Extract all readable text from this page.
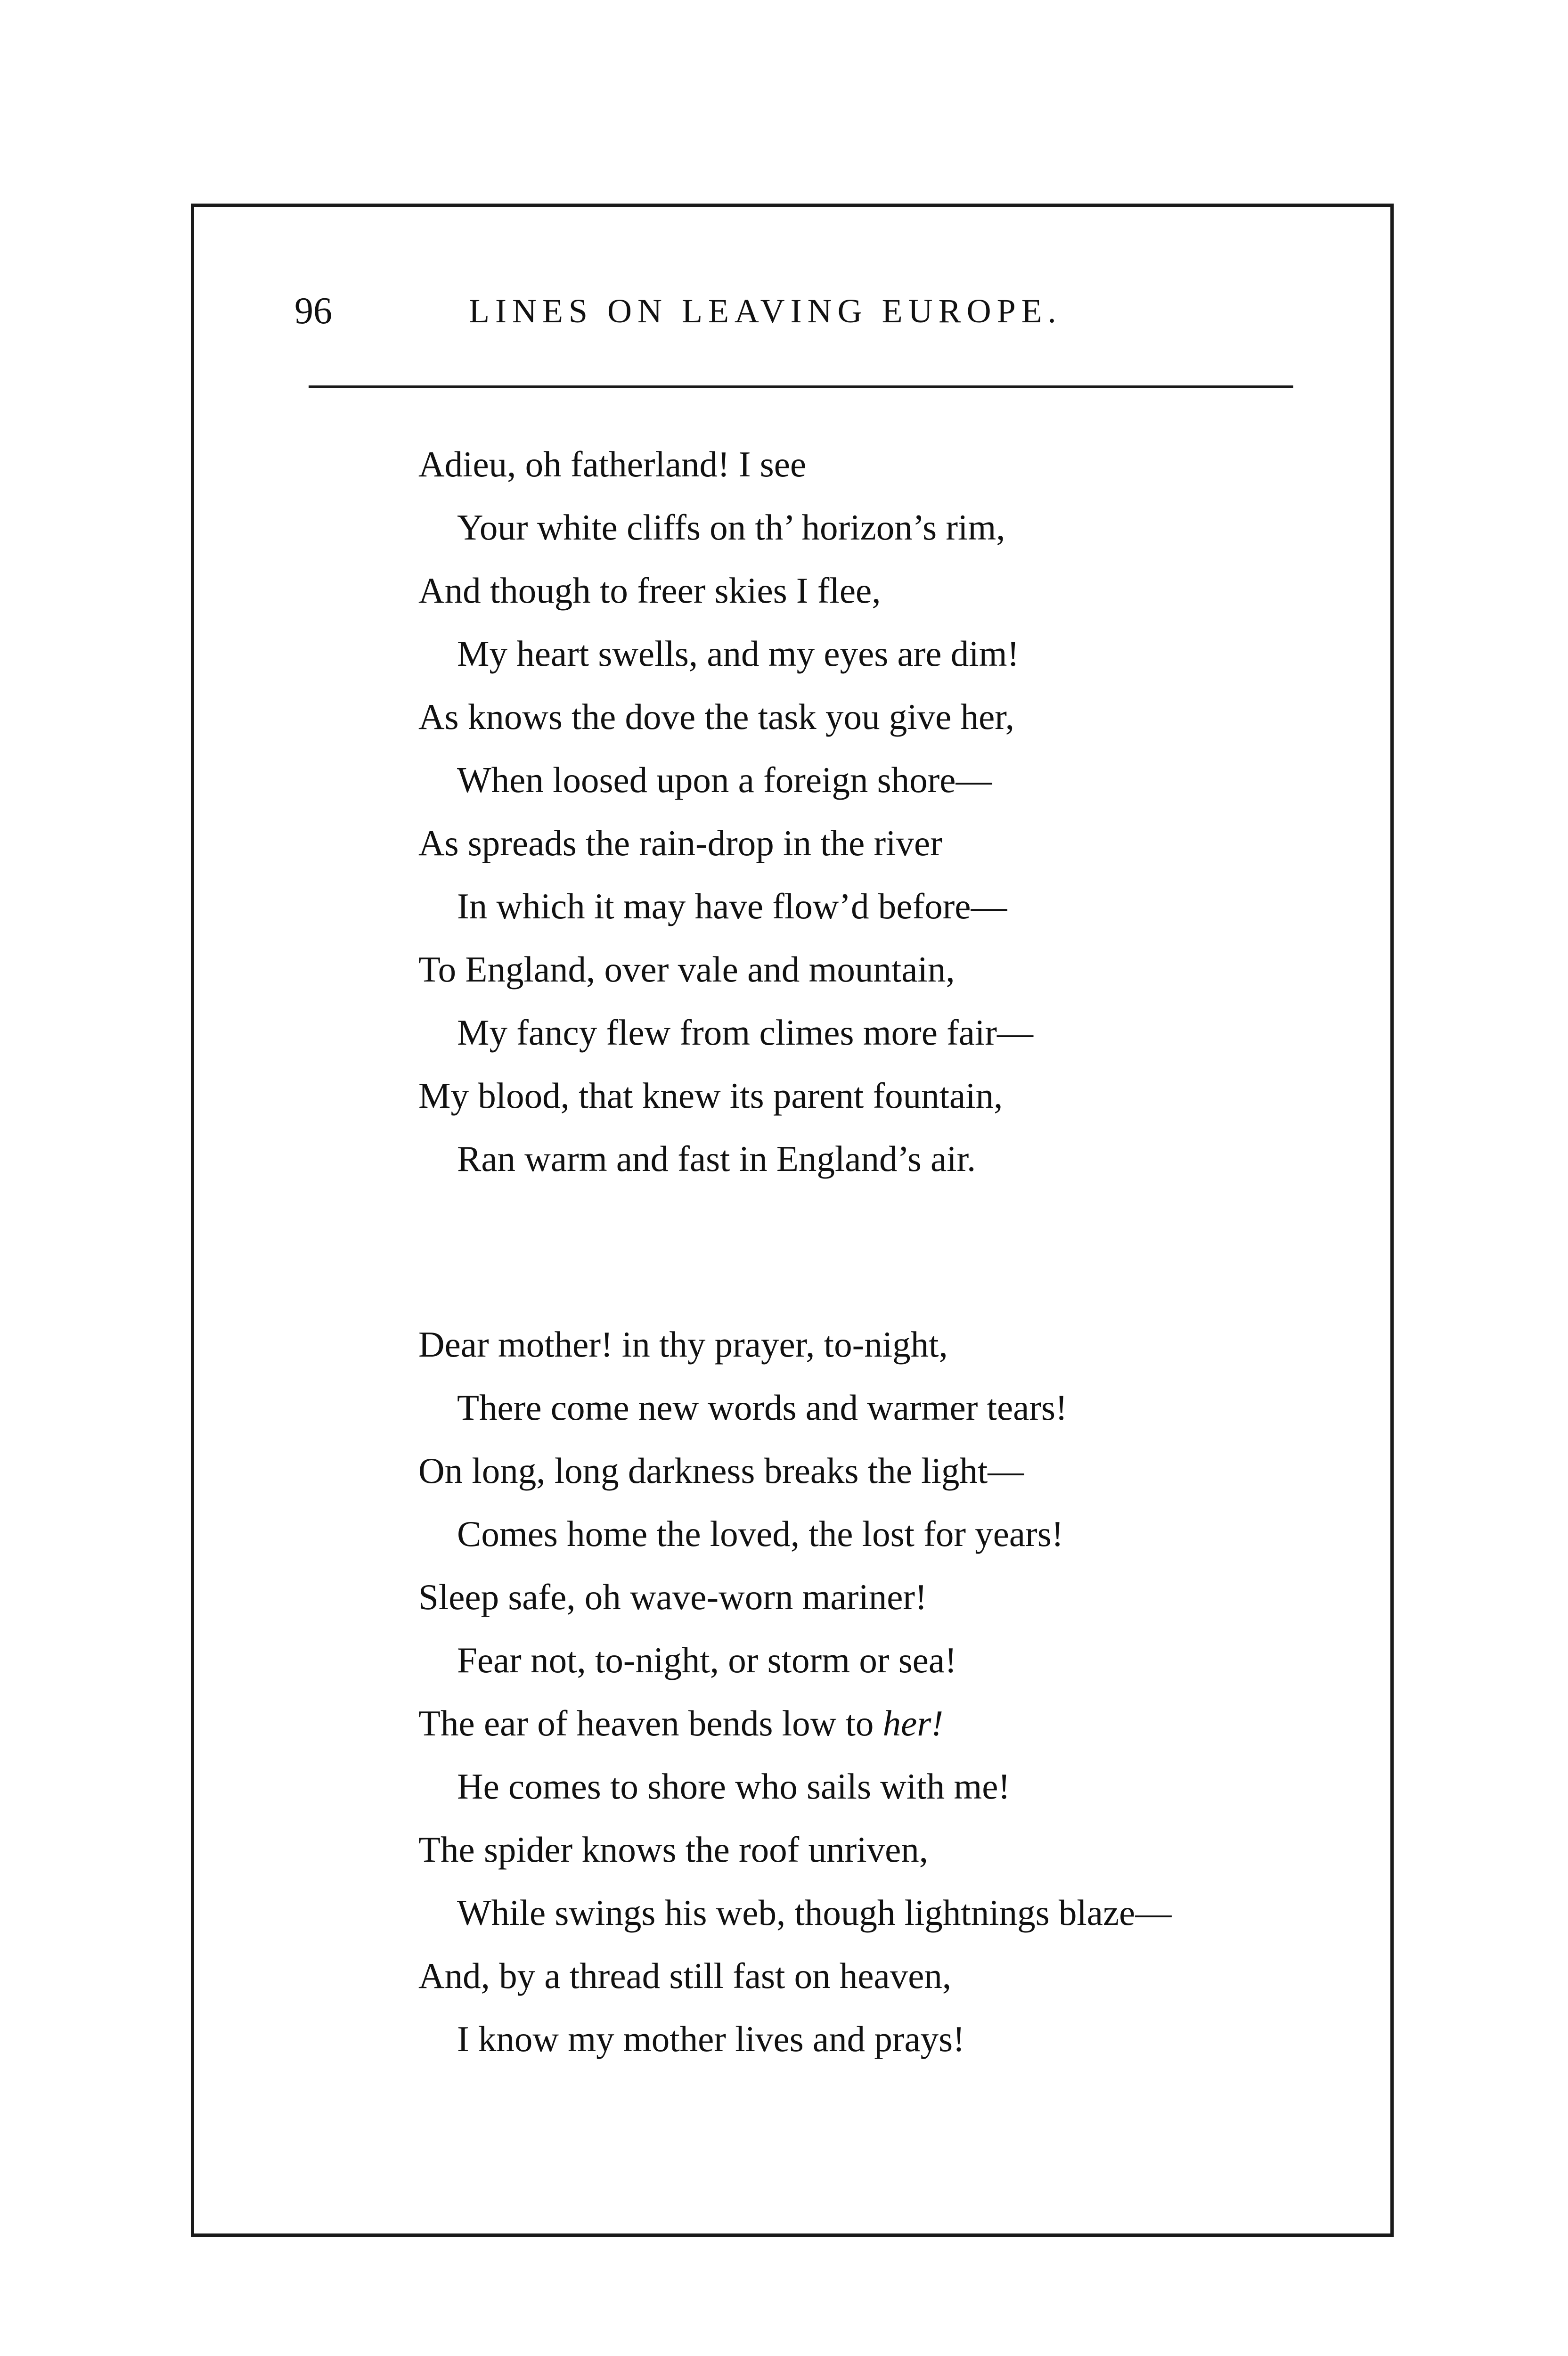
96	LINES ON LEAVING EUROPE.
Adieu, oh fatherland! I see
Your white cliffs on th’ horizon’s rim,
And though to freer skies I flee,
My heart swells, and my eyes are dim!
As knows the dove the task you give her,
When loosed upon a foreign shore—
As spreads the rain-drop in the river
In which it may have flow’d before—
To England, over vale and mountain,
My fancy flew from climes more fair—
My blood, that knew its parent fountain,
Ran warm and fast in England’s air.
Dear mother! in thy prayer, to-night,
There come new words and warmer tears!
On long, long darkness breaks the light—
Comes home the loved, the lost for years!
Sleep safe, oh wave-worn mariner!
Fear not, to-night, or storm or sea!
The ear of heaven bends low to her!
He comes to shore who sails with me!
The spider knows the roof unriven,
While swings his web, though lightnings blaze—
And, by a thread still fast on heaven,
I know my mother lives and prays!
